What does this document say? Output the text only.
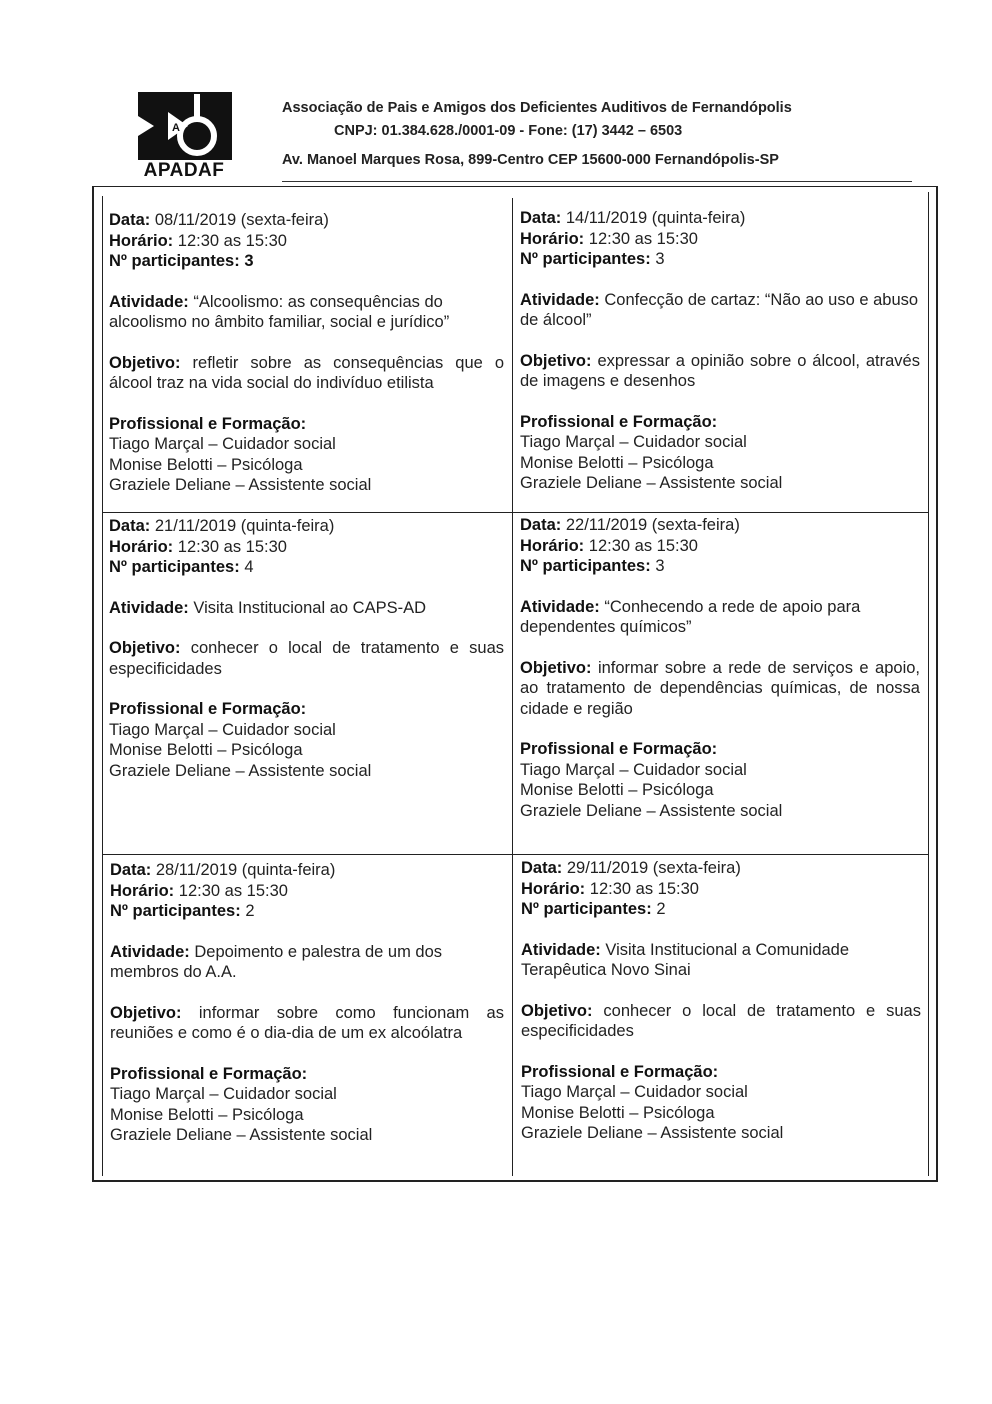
A
APADAF
Associação de Pais e Amigos dos Deficientes Auditivos de Fernandópolis
CNPJ: 01.384.628./0001-09 - Fone: (17) 3442 – 6503
Av. Manoel Marques Rosa, 899-Centro CEP 15600-000 Fernandópolis-SP

Data: 08/11/2019 (sexta-feira)

Horário: 12:30 as 15:30

Nº participantes: 3

Atividade: “Alcoolismo: as consequências do alcoolismo no âmbito familiar, social e jurídico”

Objetivo: refletir sobre as consequências que o álcool traz na vida social do indivíduo etilista

Profissional e Formação:

Tiago Marçal – Cuidador social

Monise Belotti – Psicóloga

Graziele Deliane – Assistente social

Data: 14/11/2019 (quinta-feira)

Horário: 12:30 as 15:30

Nº participantes: 3

Atividade: Confecção de cartaz: “Não ao uso e abuso de álcool”

Objetivo: expressar a opinião sobre o álcool, através de imagens e desenhos

Profissional e Formação:

Tiago Marçal – Cuidador social

Monise Belotti – Psicóloga

Graziele Deliane – Assistente social

Data: 21/11/2019 (quinta-feira)

Horário: 12:30 as 15:30

Nº participantes: 4

Atividade: Visita Institucional ao CAPS-AD

Objetivo: conhecer o local de tratamento e suas especificidades

Profissional e Formação:

Tiago Marçal – Cuidador social

Monise Belotti – Psicóloga

Graziele Deliane – Assistente social

Data: 22/11/2019 (sexta-feira)

Horário: 12:30 as 15:30

Nº participantes: 3

Atividade: “Conhecendo a rede de apoio para dependentes químicos”

Objetivo: informar sobre a rede de serviços e apoio, ao tratamento de dependências químicas, de nossa cidade e região

Profissional e Formação:

Tiago Marçal – Cuidador social

Monise Belotti – Psicóloga

Graziele Deliane – Assistente social

Data: 28/11/2019 (quinta-feira)

Horário: 12:30 as 15:30

Nº participantes: 2

Atividade: Depoimento e palestra de um dos membros do A.A.

Objetivo: informar sobre como funcionam as reuniões e como é o dia-dia de um ex alcoólatra

Profissional e Formação:

Tiago Marçal – Cuidador social

Monise Belotti – Psicóloga

Graziele Deliane – Assistente social

Data: 29/11/2019 (sexta-feira)

Horário: 12:30 as 15:30

Nº participantes: 2

Atividade: Visita Institucional a Comunidade Terapêutica Novo Sinai

Objetivo: conhecer o local de tratamento e suas especificidades

Profissional e Formação:

Tiago Marçal – Cuidador social

Monise Belotti – Psicóloga

Graziele Deliane – Assistente social
